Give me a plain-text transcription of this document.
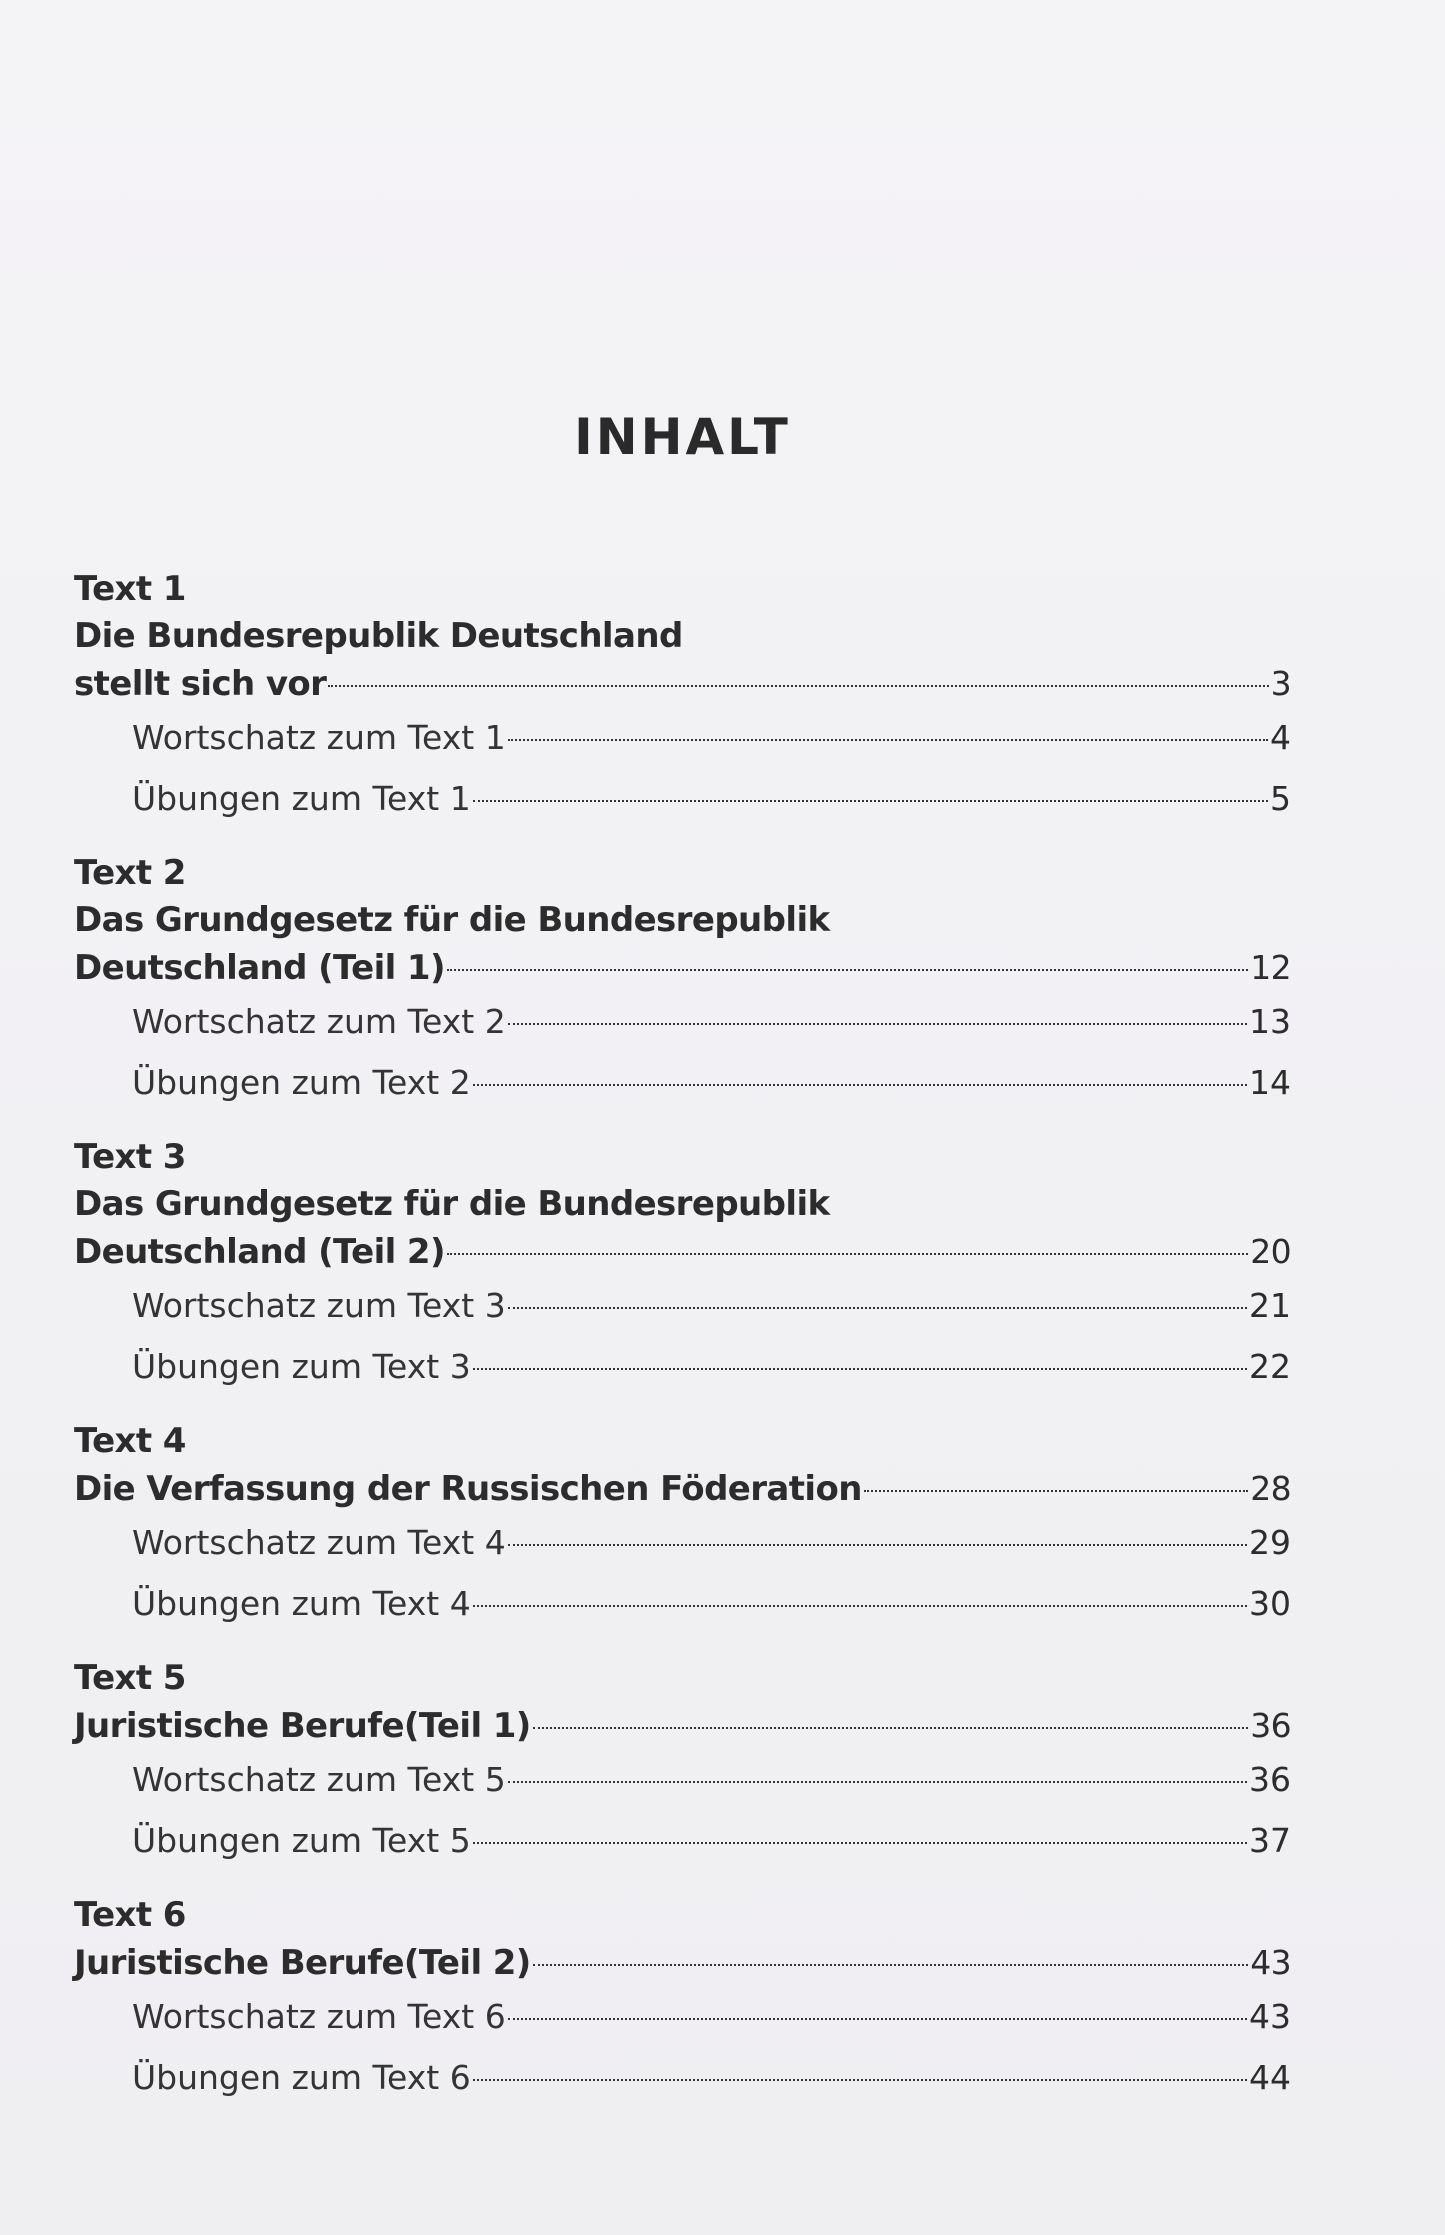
INHALT
Text 1
Die Bundesrepublik Deutschland
stellt sich vor	3
Wortschatz zum Text 1	4
Übungen zum Text 1	5
Text 2
Das Grundgesetz für die Bundesrepublik
Deutschland (Teil 1)	12
Wortschatz zum Text 2	13
Übungen zum Text 2	14
Text 3
Das Grundgesetz für die Bundesrepublik
Deutschland (Teil 2)	20
Wortschatz zum Text 3	21
Übungen zum Text 3	22
Text 4
Die Verfassung der Russischen Föderation	28
Wortschatz zum Text 4	29
Übungen zum Text 4	30
Text 5
Juristische Berufe(Teil 1)	36
Wortschatz zum Text 5	36
Übungen zum Text 5	37
Text 6
Juristische Berufe(Teil 2)	43
Wortschatz zum Text 6	43
Übungen zum Text 6	44
